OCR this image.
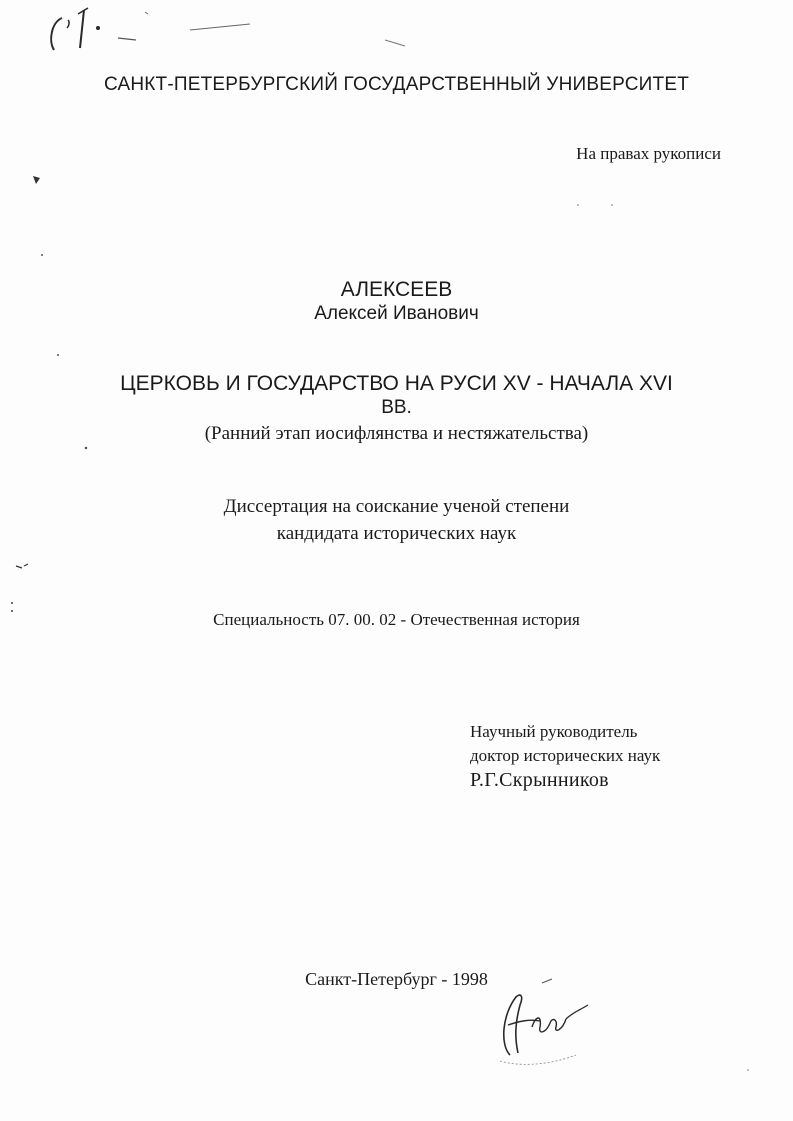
САНКТ-ПЕТЕРБУРГСКИЙ ГОСУДАРСТВЕННЫЙ УНИВЕРСИТЕТ

На правах рукописи

АЛЕКСЕЕВ

Алексей Иванович

ЦЕРКОВЬ И ГОСУДАРСТВО НА РУСИ XV - НАЧАЛА XVI

ВВ.

(Ранний этап иосифлянства и нестяжательства)

Диссертация на соискание ученой степени

кандидата исторических наук

Специальность 07. 00. 02 - Отечественная история

Научный руководитель

доктор исторических наук

Р.Г.Скрынников

Санкт-Петербург - 1998
